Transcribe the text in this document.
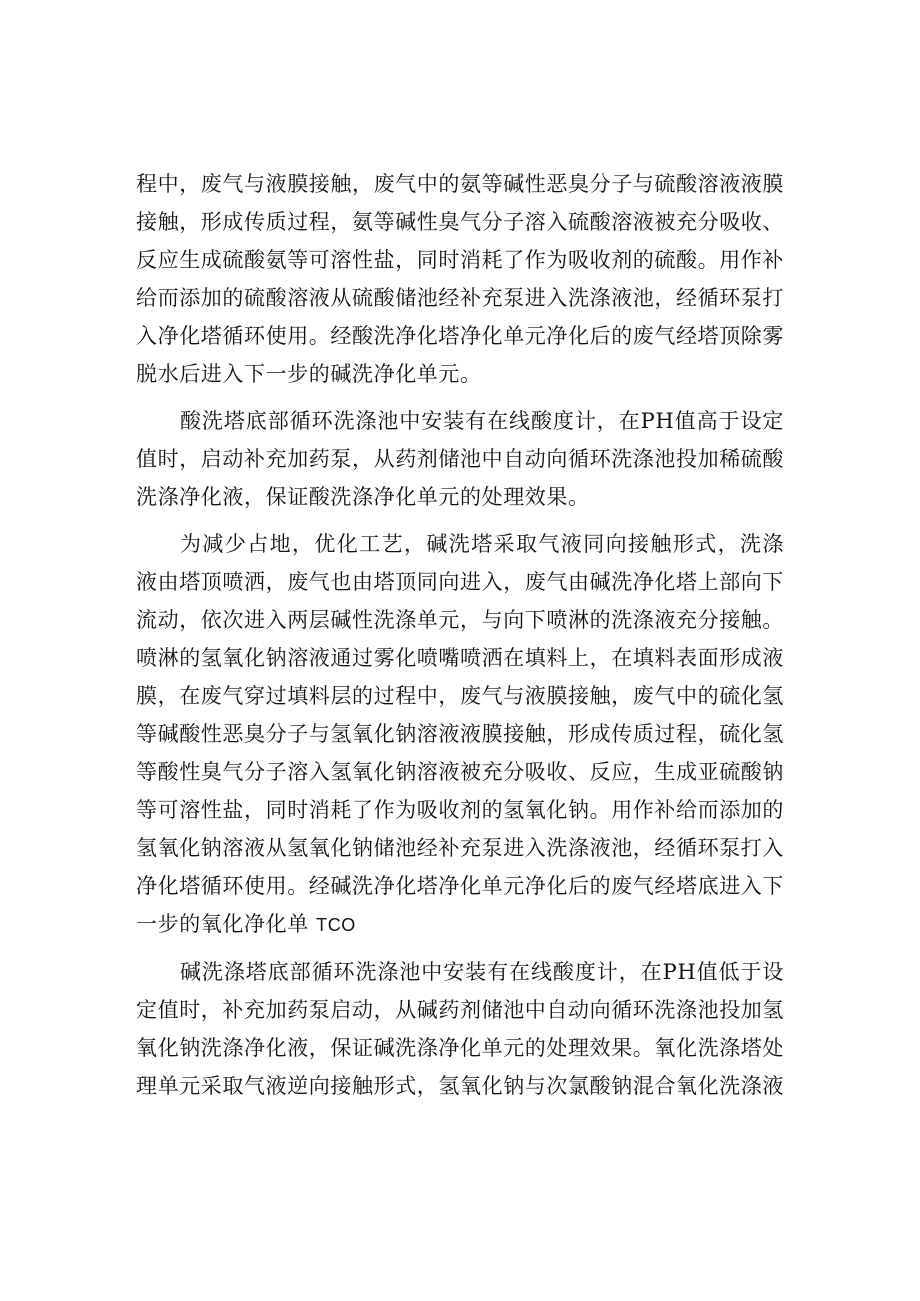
程中，废气与液膜接触，废气中的氨等碱性恶臭分子与硫酸溶液液膜接触，形成传质过程，氨等碱性臭气分子溶入硫酸溶液被充分吸收、反应生成硫酸氨等可溶性盐，同时消耗了作为吸收剂的硫酸。用作补给而添加的硫酸溶液从硫酸储池经补充泵进入洗涤液池，经循环泵打入净化塔循环使用。经酸洗净化塔净化单元净化后的废气经塔顶除雾脱水后进入下一步的碱洗净化单元。

酸洗塔底部循环洗涤池中安装有在线酸度计，在PH值高于设定值时，启动补充加药泵，从药剂储池中自动向循环洗涤池投加稀硫酸洗涤净化液，保证酸洗涤净化单元的处理效果。

为减少占地，优化工艺，碱洗塔采取气液同向接触形式，洗涤液由塔顶喷洒，废气也由塔顶同向进入，废气由碱洗净化塔上部向下流动，依次进入两层碱性洗涤单元，与向下喷淋的洗涤液充分接触。喷淋的氢氧化钠溶液通过雾化喷嘴喷洒在填料上，在填料表面形成液膜，在废气穿过填料层的过程中，废气与液膜接触，废气中的硫化氢等碱酸性恶臭分子与氢氧化钠溶液液膜接触，形成传质过程，硫化氢等酸性臭气分子溶入氢氧化钠溶液被充分吸收、反应，生成亚硫酸钠等可溶性盐，同时消耗了作为吸收剂的氢氧化钠。用作补给而添加的氢氧化钠溶液从氢氧化钠储池经补充泵进入洗涤液池，经循环泵打入净化塔循环使用。经碱洗净化塔净化单元净化后的废气经塔底进入下一步的氧化净化单 TCO

碱洗涤塔底部循环洗涤池中安装有在线酸度计，在PH值低于设定值时，补充加药泵启动，从碱药剂储池中自动向循环洗涤池投加氢氧化钠洗涤净化液，保证碱洗涤净化单元的处理效果。氧化洗涤塔处理单元采取气液逆向接触形式，氢氧化钠与次氯酸钠混合氧化洗涤液
